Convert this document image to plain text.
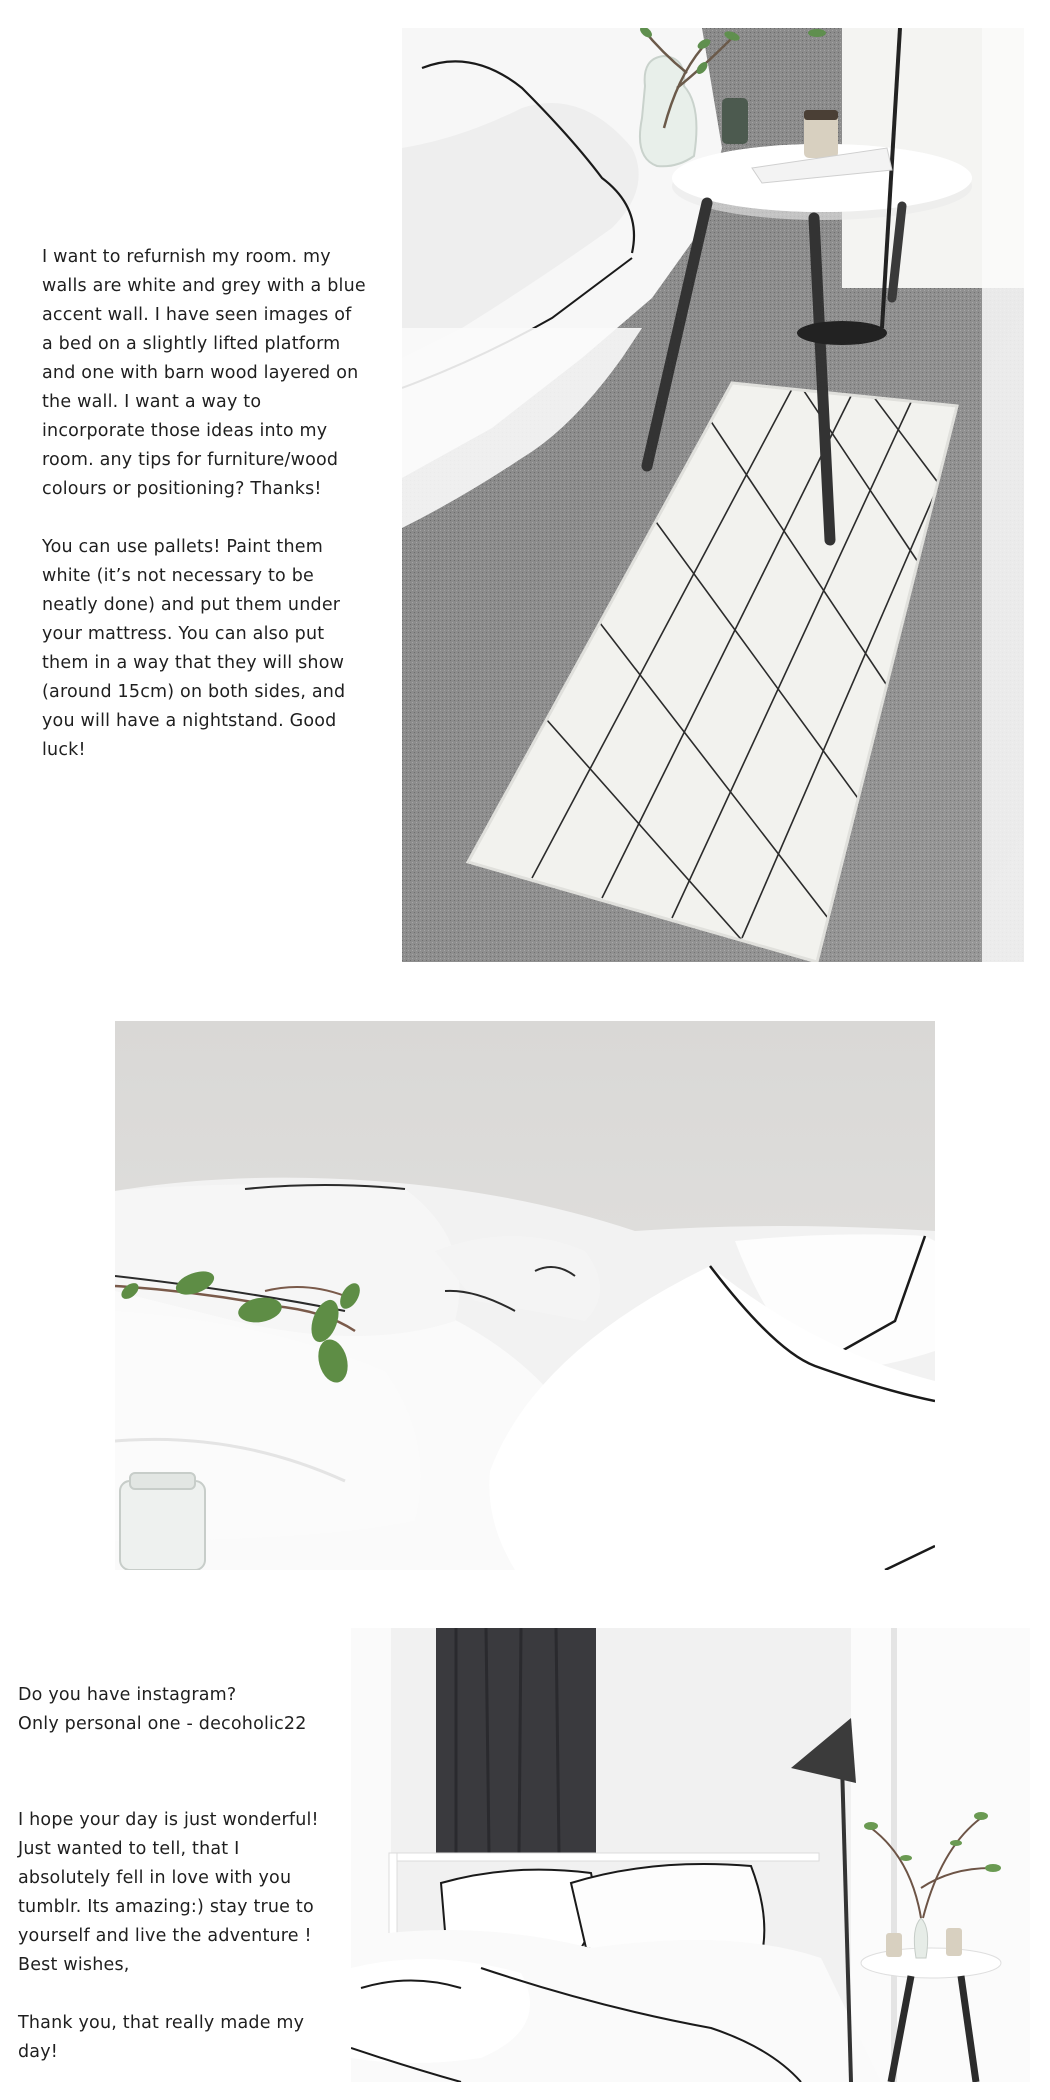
I want to refurnish my room. my walls are white and grey with a blue accent wall. I have seen images of a bed on a slightly lifted platform and one with barn wood layered on the wall. I want a way to incorporate those ideas into my room. any tips for furniture/wood colours or positioning? Thanks!

You can use pallets! Paint them white (it’s not necessary to be neatly done) and put them under your mattress. You can also put them in a way that they will show (around 15cm) on both sides, and you will have a nightstand. Good luck!

Do you have instagram?

Only personal one - decoholic22

I hope your day is just wonderful! Just wanted to tell, that I absolutely fell in love with you tumblr. Its amazing:) stay true to yourself and live the adventure ! Best wishes,

Thank you, that really made my day!
